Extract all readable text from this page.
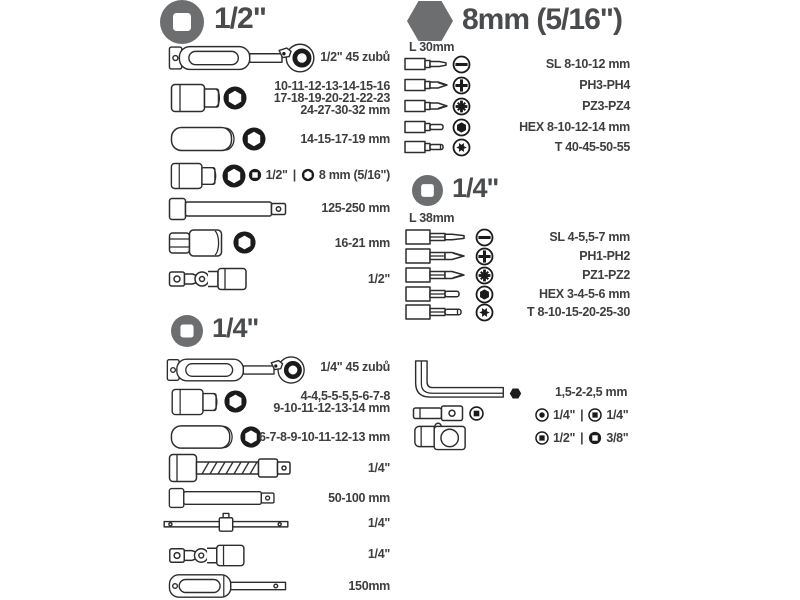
1/2"
1/2" 45 zubů
10-11-12-13-14-15-16
17-18-19-20-21-22-23
24-27-30-32 mm
14-15-17-19 mm
1/2" | 8 mm (5/16")
125-250 mm
16-21 mm
1/2"
1/4"
1/4" 45 zubů
4-4,5-5-5,5-6-7-8
9-10-11-12-13-14 mm
6-7-8-9-10-11-12-13 mm
1/4"
50-100 mm
1/4"
1/4"
150mm
8mm (5/16")
L 30mm
SL 8-10-12 mm
PH3-PH4
PZ3-PZ4
HEX 8-10-12-14 mm
T 40-45-50-55
1/4"
L 38mm
SL 4-5,5-7 mm
PH1-PH2
PZ1-PZ2
HEX 3-4-5-6 mm
T 8-10-15-20-25-30
1,5-2-2,5 mm
1/4" | 1/4"
1/2" | 3/8"
